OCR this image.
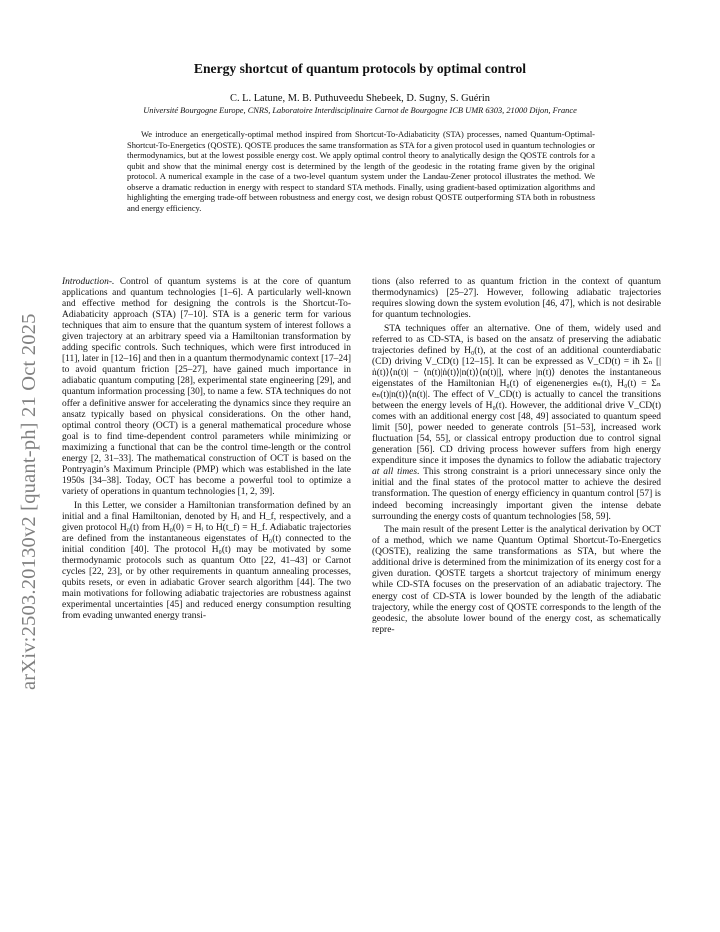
arXiv:2503.20130v2 [quant-ph] 21 Oct 2025
Energy shortcut of quantum protocols by optimal control
C. L. Latune, M. B. Puthuveedu Shebeek, D. Sugny, S. Guérin
Université Bourgogne Europe, CNRS, Laboratoire Interdisciplinaire Carnot de Bourgogne ICB UMR 6303, 21000 Dijon, France

We introduce an energetically-optimal method inspired from Shortcut-To-Adiabaticity (STA) processes, named Quantum-Optimal-Shortcut-To-Energetics (QOSTE). QOSTE produces the same transformation as STA for a given protocol used in quantum technologies or thermodynamics, but at the lowest possible energy cost. We apply optimal control theory to analytically design the QOSTE controls for a qubit and show that the minimal energy cost is determined by the length of the geodesic in the rotating frame given by the original protocol. A numerical example in the case of a two-level quantum system under the Landau-Zener protocol illustrates the method. We observe a dramatic reduction in energy with respect to standard STA methods. Finally, using gradient-based optimization algorithms and highlighting the emerging trade-off between robustness and energy cost, we design robust QOSTE outperforming STA both in robustness and energy efficiency.

Introduction-. Control of quantum systems is at the core of quantum applications and quantum technologies [1–6]. A particularly well-known and effective method for designing the controls is the Shortcut-To-Adiabaticity approach (STA) [7–10]. STA is a generic term for various techniques that aim to ensure that the quantum system of interest follows a given trajectory at an arbitrary speed via a Hamiltonian transformation by adding specific controls. Such techniques, which were first introduced in [11], later in [12–16] and then in a quantum thermodynamic context [17–24] to avoid quantum friction [25–27], have gained much importance in adiabatic quantum computing [28], experimental state engineering [29], and quantum information processing [30], to name a few. STA techniques do not offer a definitive answer for accelerating the dynamics since they require an ansatz typically based on physical considerations. On the other hand, optimal control theory (OCT) is a general mathematical procedure whose goal is to find time-dependent control parameters while minimizing or maximizing a functional that can be the control time-length or the control energy [2, 31–33]. The mathematical construction of OCT is based on the Pontryagin’s Maximum Principle (PMP) which was established in the late 1950s [34–38]. Today, OCT has become a powerful tool to optimize a variety of operations in quantum technologies [1, 2, 39].

In this Letter, we consider a Hamiltonian transformation defined by an initial and a final Hamiltonian, denoted by Hᵢ and H_f, respectively, and a given protocol H₀(t) from H₀(0) = Hᵢ to H(t_f) = H_f. Adiabatic trajectories are defined from the instantaneous eigenstates of H₀(t) connected to the initial condition [40]. The protocol H₀(t) may be motivated by some thermodynamic protocols such as quantum Otto [22, 41–43] or Carnot cycles [22, 23], or by other requirements in quantum annealing processes, qubits resets, or even in adiabatic Grover search algorithm [44]. The two main motivations for following adiabatic trajectories are robustness against experimental uncertainties [45] and reduced energy consumption resulting from evading unwanted energy transi-

tions (also referred to as quantum friction in the context of quantum thermodynamics) [25–27]. However, following adiabatic trajectories requires slowing down the system evolution [46, 47], which is not desirable for quantum technologies.

STA techniques offer an alternative. One of them, widely used and referred to as CD-STA, is based on the ansatz of preserving the adiabatic trajectories defined by H₀(t), at the cost of an additional counterdiabatic (CD) driving V_CD(t) [12–15]. It can be expressed as V_CD(t) = iħ Σₙ [|ṅ(t)⟩⟨n(t)| − ⟨n(t)|ṅ(t)⟩|n(t)⟩⟨n(t)|], where |n(t)⟩ denotes the instantaneous eigenstates of the Hamiltonian H₀(t) of eigenenergies eₙ(t), H₀(t) = Σₙ eₙ(t)|n(t)⟩⟨n(t)|. The effect of V_CD(t) is actually to cancel the transitions between the energy levels of H₀(t). However, the additional drive V_CD(t) comes with an additional energy cost [48, 49] associated to quantum speed limit [50], power needed to generate controls [51–53], increased work fluctuation [54, 55], or classical entropy production due to control signal generation [56]. CD driving process however suffers from high energy expenditure since it imposes the dynamics to follow the adiabatic trajectory at all times. This strong constraint is a priori unnecessary since only the initial and the final states of the protocol matter to achieve the desired transformation. The question of energy efficiency in quantum control [57] is indeed becoming increasingly important given the intense debate surrounding the energy costs of quantum technologies [58, 59].

The main result of the present Letter is the analytical derivation by OCT of a method, which we name Quantum Optimal Shortcut-To-Energetics (QOSTE), realizing the same transformations as STA, but where the additional drive is determined from the minimization of its energy cost for a given duration. QOSTE targets a shortcut trajectory of minimum energy while CD-STA focuses on the preservation of an adiabatic trajectory. The energy cost of CD-STA is lower bounded by the length of the adiabatic trajectory, while the energy cost of QOSTE corresponds to the length of the geodesic, the absolute lower bound of the energy cost, as schematically repre-
